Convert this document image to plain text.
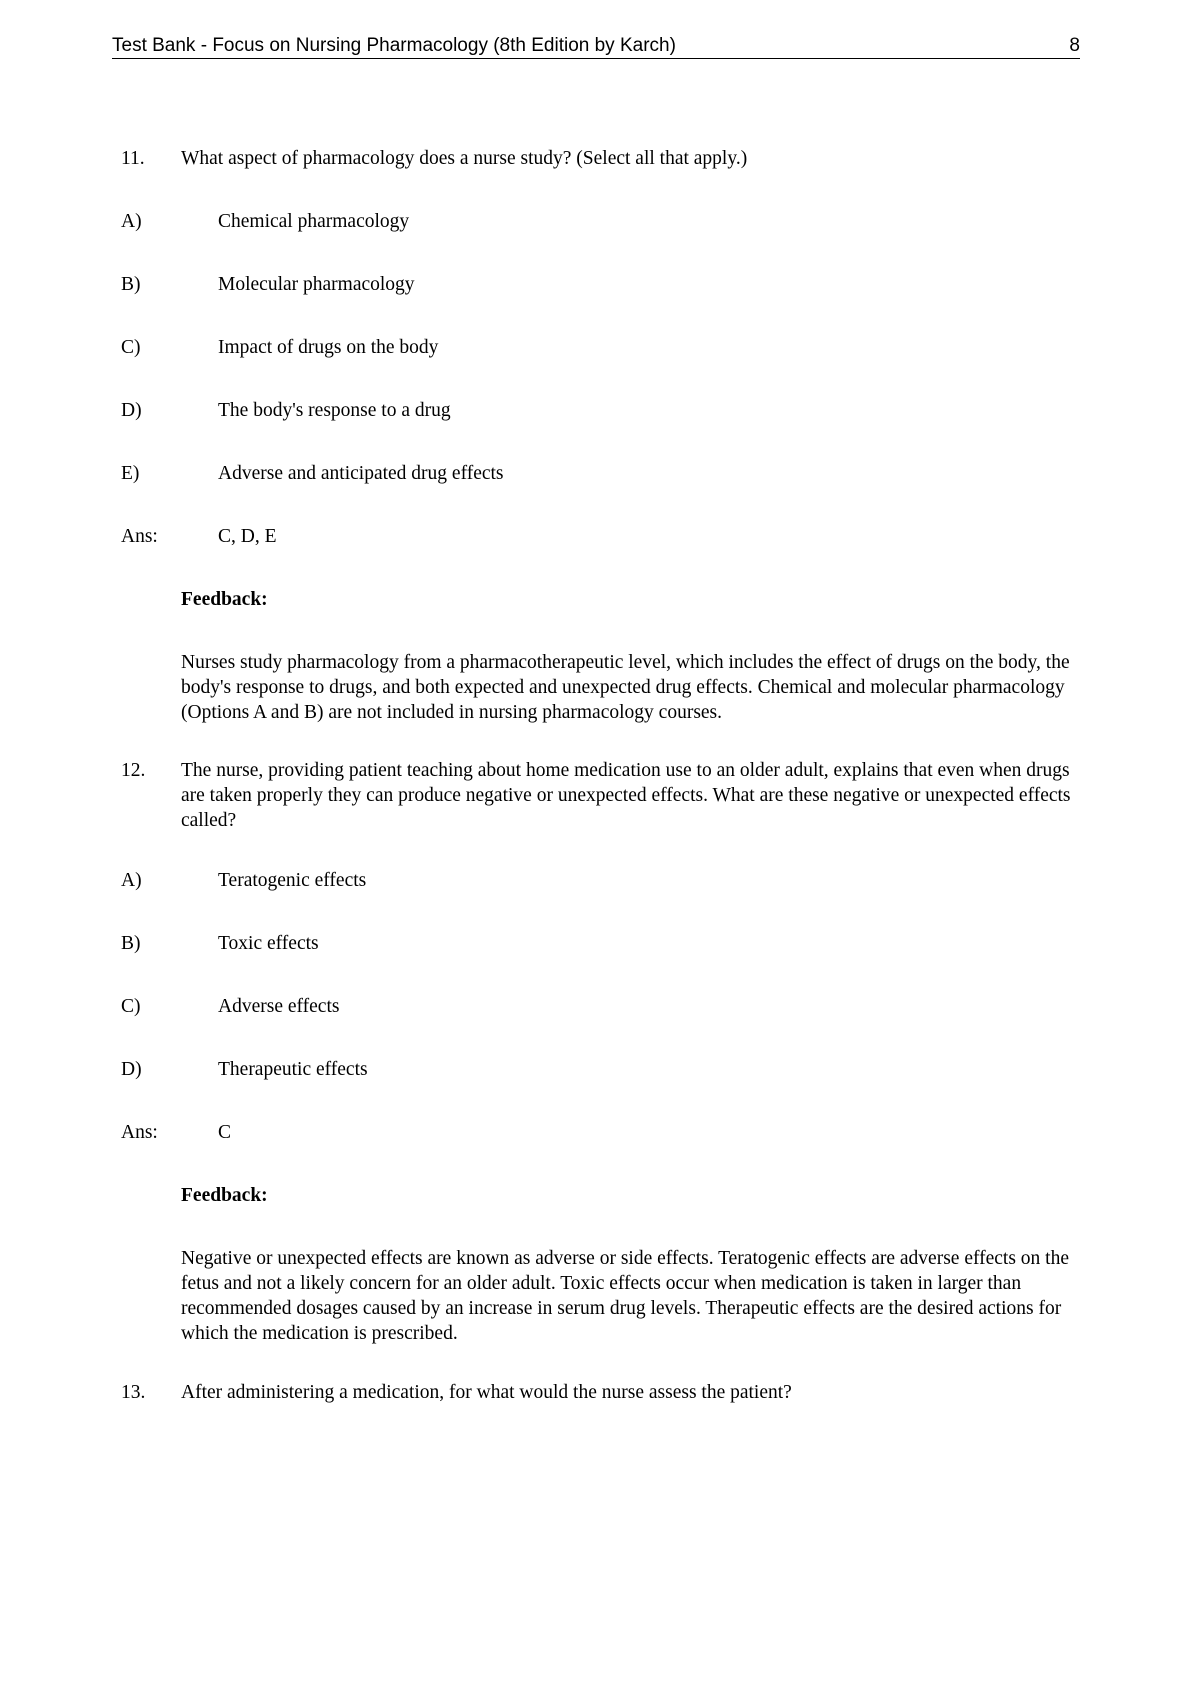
Test Bank - Focus on Nursing Pharmacology (8th Edition by Karch)	8
11. What aspect of pharmacology does a nurse study? (Select all that apply.)
A)	Chemical pharmacology
B)	Molecular pharmacology
C)	Impact of drugs on the body
D)	The body's response to a drug
E)	Adverse and anticipated drug effects
Ans:	C, D, E
Feedback:
Nurses study pharmacology from a pharmacotherapeutic level, which includes the effect of drugs on the body, the body's response to drugs, and both expected and unexpected drug effects. Chemical and molecular pharmacology (Options A and B) are not included in nursing pharmacology courses.
12. The nurse, providing patient teaching about home medication use to an older adult, explains that even when drugs are taken properly they can produce negative or unexpected effects. What are these negative or unexpected effects called?
A)	Teratogenic effects
B)	Toxic effects
C)	Adverse effects
D)	Therapeutic effects
Ans:	C
Feedback:
Negative or unexpected effects are known as adverse or side effects. Teratogenic effects are adverse effects on the fetus and not a likely concern for an older adult. Toxic effects occur when medication is taken in larger than recommended dosages caused by an increase in serum drug levels. Therapeutic effects are the desired actions for which the medication is prescribed.
13. After administering a medication, for what would the nurse assess the patient?
